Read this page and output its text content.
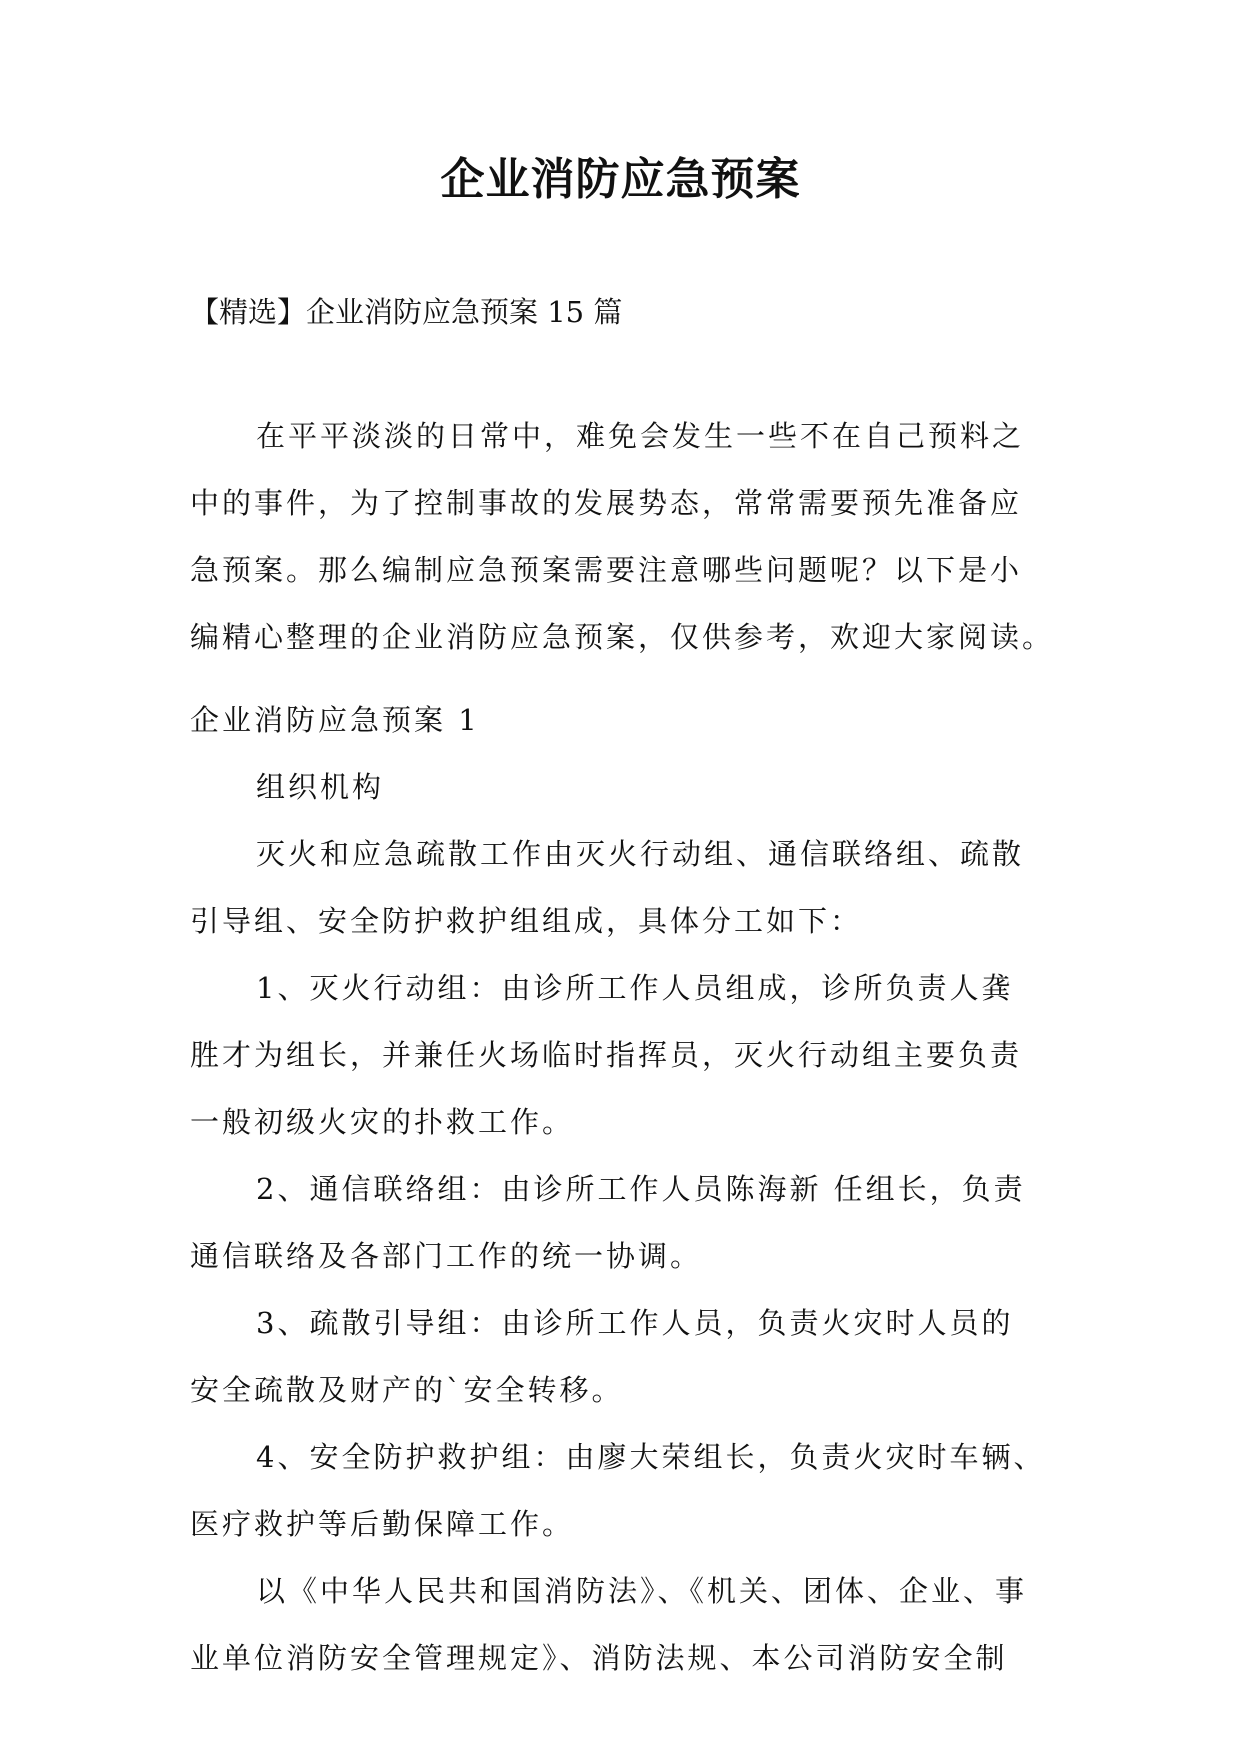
企业消防应急预案

【精选】企业消防应急预案 15 篇

在平平淡淡的日常中，难免会发生一些不在自己预料之
中的事件，为了控制事故的发展势态，常常需要预先准备应
急预案。那么编制应急预案需要注意哪些问题呢？以下是小
编精心整理的企业消防应急预案，仅供参考，欢迎大家阅读。
企业消防应急预案 1
组织机构
灭火和应急疏散工作由灭火行动组、通信联络组、疏散
引导组、安全防护救护组组成，具体分工如下：
1、灭火行动组：由诊所工作人员组成，诊所负责人龚
胜才为组长，并兼任火场临时指挥员，灭火行动组主要负责
一般初级火灾的扑救工作。
2、通信联络组：由诊所工作人员陈海新 任组长，负责
通信联络及各部门工作的统一协调。
3、疏散引导组：由诊所工作人员，负责火灾时人员的
安全疏散及财产的`安全转移。
4、安全防护救护组：由廖大荣组长，负责火灾时车辆、
医疗救护等后勤保障工作。
以《中华人民共和国消防法》、《机关、团体、企业、事
业单位消防安全管理规定》、消防法规、本公司消防安全制
